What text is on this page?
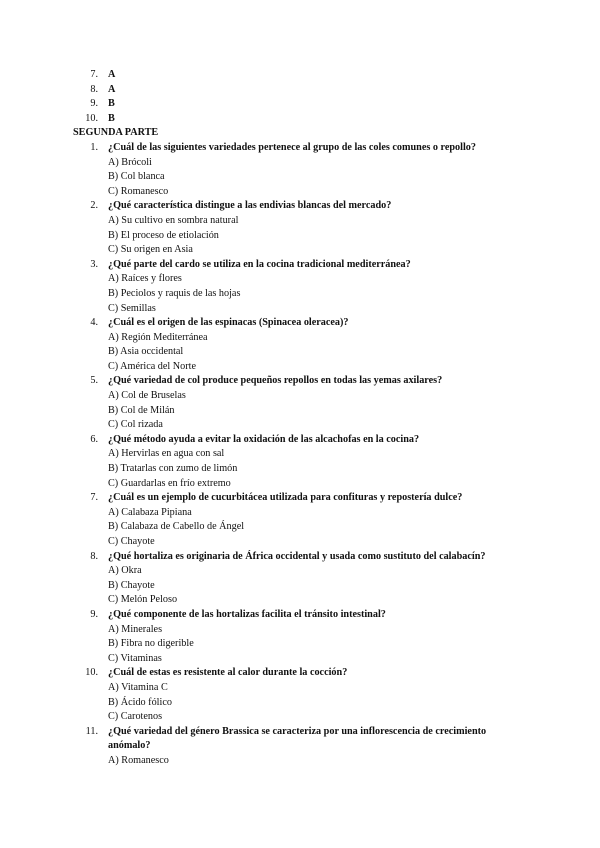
7. A
8. A
9. B
10. B
SEGUNDA PARTE
1. ¿Cuál de las siguientes variedades pertenece al grupo de las coles comunes o repollo?
A) Brócoli
B) Col blanca
C) Romanesco
2. ¿Qué característica distingue a las endivias blancas del mercado?
A) Su cultivo en sombra natural
B) El proceso de etiolación
C) Su origen en Asia
3. ¿Qué parte del cardo se utiliza en la cocina tradicional mediterránea?
A) Raíces y flores
B) Peciolos y raquis de las hojas
C) Semillas
4. ¿Cuál es el origen de las espinacas (Spinacea oleracea)?
A) Región Mediterránea
B) Asia occidental
C) América del Norte
5. ¿Qué variedad de col produce pequeños repollos en todas las yemas axilares?
A) Col de Bruselas
B) Col de Milán
C) Col rizada
6. ¿Qué método ayuda a evitar la oxidación de las alcachofas en la cocina?
A) Hervirlas en agua con sal
B) Tratarlas con zumo de limón
C) Guardarlas en frío extremo
7. ¿Cuál es un ejemplo de cucurbitácea utilizada para confituras y repostería dulce?
A) Calabaza Pipiana
B) Calabaza de Cabello de Ángel
C) Chayote
8. ¿Qué hortaliza es originaria de África occidental y usada como sustituto del calabacín?
A) Okra
B) Chayote
C) Melón Peloso
9. ¿Qué componente de las hortalizas facilita el tránsito intestinal?
A) Minerales
B) Fibra no digerible
C) Vitaminas
10. ¿Cuál de estas es resistente al calor durante la cocción?
A) Vitamina C
B) Ácido fólico
C) Carotenos
11. ¿Qué variedad del género Brassica se caracteriza por una inflorescencia de crecimiento
anómalo?
A) Romanesco
